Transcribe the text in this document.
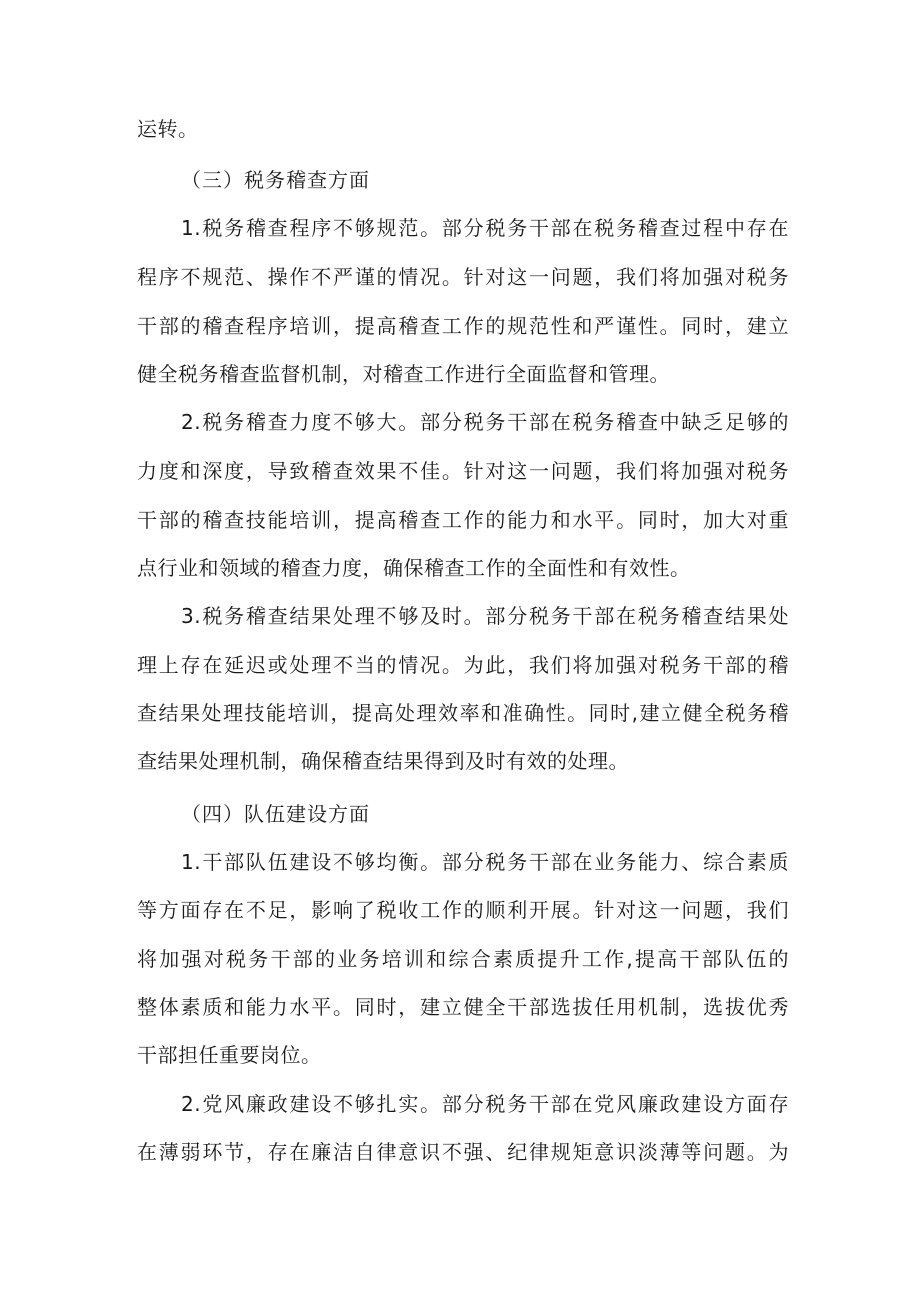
运转。

（三）税务稽查方面

1.税务稽查程序不够规范。部分税务干部在税务稽查过程中存在

程序不规范、操作不严谨的情况。针对这一问题，我们将加强对税务

干部的稽查程序培训，提高稽查工作的规范性和严谨性。同时，建立

健全税务稽查监督机制，对稽查工作进行全面监督和管理。

2.税务稽查力度不够大。部分税务干部在税务稽查中缺乏足够的

力度和深度，导致稽查效果不佳。针对这一问题，我们将加强对税务

干部的稽查技能培训，提高稽查工作的能力和水平。同时，加大对重

点行业和领域的稽查力度，确保稽查工作的全面性和有效性。

3.税务稽查结果处理不够及时。部分税务干部在税务稽查结果处

理上存在延迟或处理不当的情况。为此，我们将加强对税务干部的稽

查结果处理技能培训，提高处理效率和准确性。同时,建立健全税务稽

查结果处理机制，确保稽查结果得到及时有效的处理。

（四）队伍建设方面

1.干部队伍建设不够均衡。部分税务干部在业务能力、综合素质

等方面存在不足，影响了税收工作的顺利开展。针对这一问题，我们

将加强对税务干部的业务培训和综合素质提升工作,提高干部队伍的

整体素质和能力水平。同时，建立健全干部选拔任用机制，选拔优秀

干部担任重要岗位。

2.党风廉政建设不够扎实。部分税务干部在党风廉政建设方面存

在薄弱环节，存在廉洁自律意识不强、纪律规矩意识淡薄等问题。为
